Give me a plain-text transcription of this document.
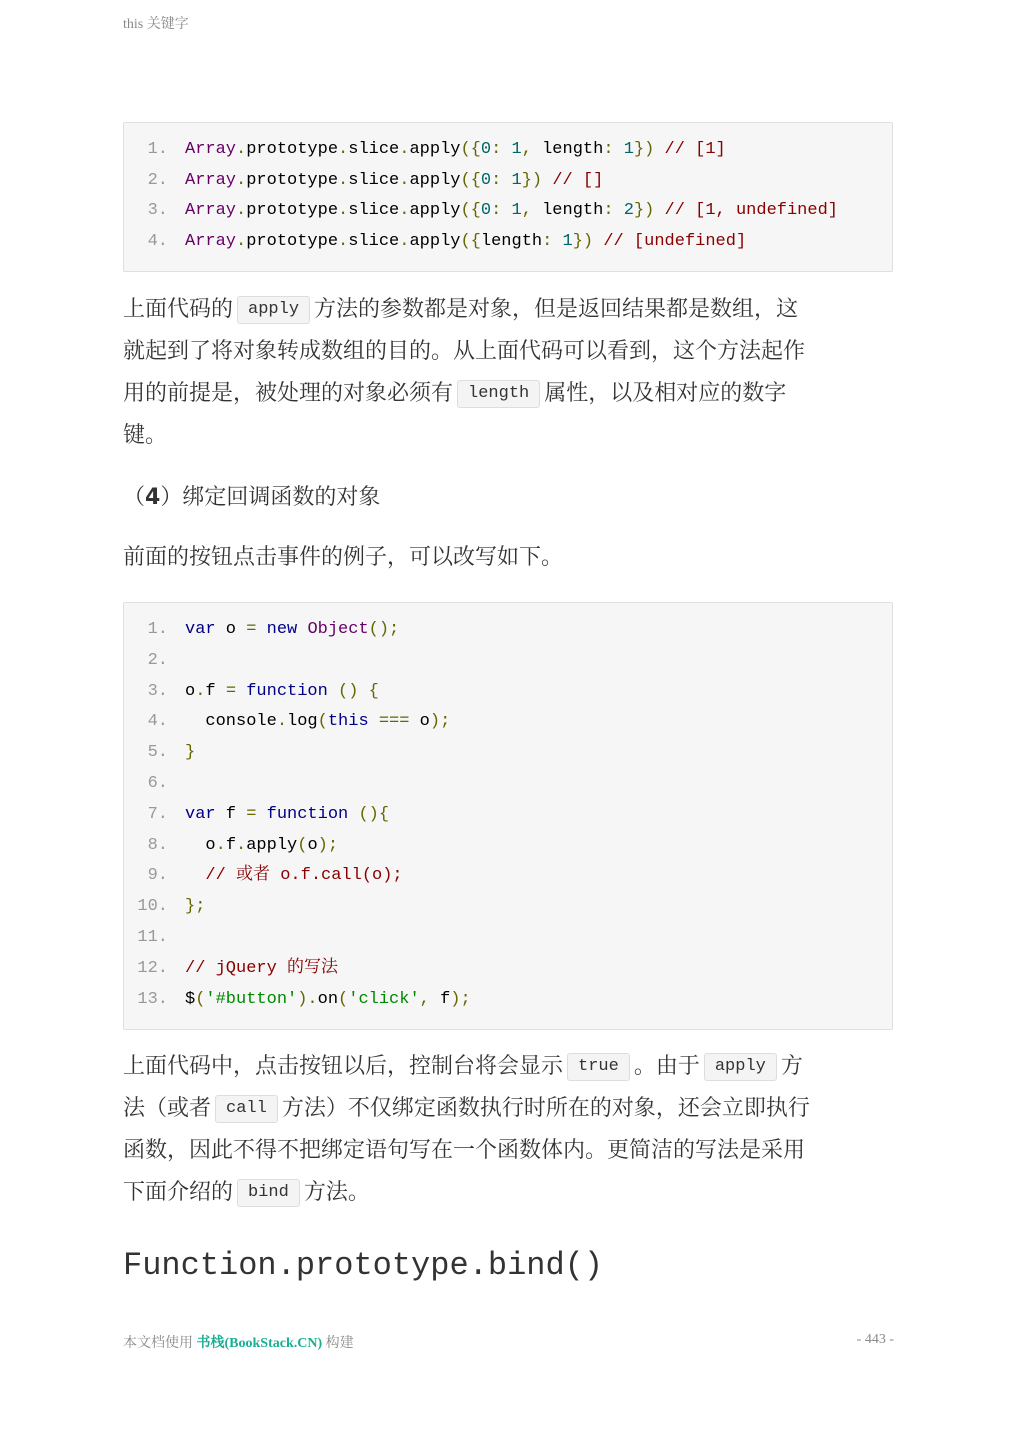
this 关键字
1. Array.prototype.slice.apply({0: 1, length: 1}) // [1]
2. Array.prototype.slice.apply({0: 1}) // []
3. Array.prototype.slice.apply({0: 1, length: 2}) // [1, undefined]
4. Array.prototype.slice.apply({length: 1}) // [undefined]
上面代码的 apply 方法的参数都是对象，但是返回结果都是数组，这
就起到了将对象转成数组的目的。从上面代码可以看到，这个方法起作
用的前提是，被处理的对象必须有 length 属性，以及相对应的数字
键。
（4）绑定回调函数的对象
前面的按钮点击事件的例子，可以改写如下。
1. var o = new Object();
2.
3. o.f = function () {
4. console.log(this === o);
5. }
6.
7. var f = function (){
8. o.f.apply(o);
9.	// 或者 o.f.call(o);
10. };
11.
12. // jQuery 的写法
13. $('#button').on('click', f);
上面代码中，点击按钮以后，控制台将会显示 true 。由于 apply 方
法（或者 call 方法）不仅绑定函数执行时所在的对象，还会立即执行
函数，因此不得不把绑定语句写在一个函数体内。更简洁的写法是采用
下面介绍的 bind 方法。
Function.prototype.bind()
本文档使用 书栈(BookStack.CN) 构建	- 443 -
